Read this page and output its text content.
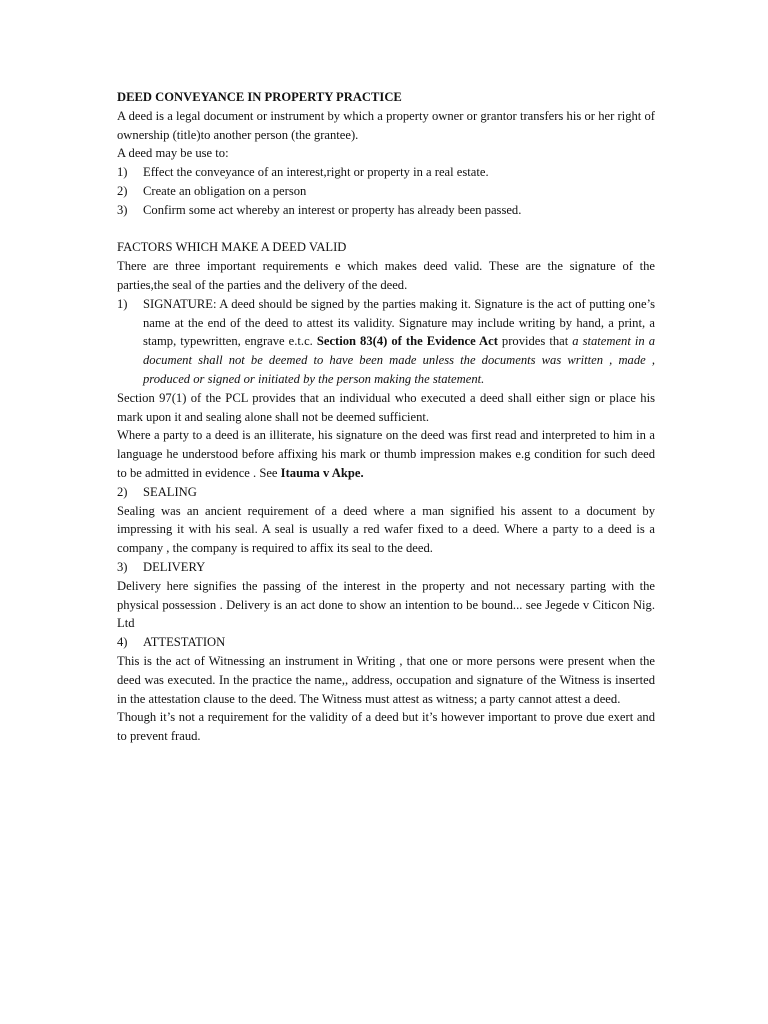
DEED CONVEYANCE IN PROPERTY PRACTICE

A deed is a legal document or instrument by which a property owner or grantor transfers his or her right of ownership (title)to another person (the grantee).

A deed may be use to:

1)	Effect the conveyance of an interest,right or property in a real estate.
2)	Create an obligation on a person
3)	Confirm some act whereby an interest or property has already been passed.

FACTORS WHICH MAKE A DEED VALID

There are three important requirements e which makes deed valid. These are the signature of the parties,the seal of the parties and the delivery of the deed.

1)	SIGNATURE: A deed should be signed by the parties making it. Signature is the act of putting one’s name at the end of the deed to attest its validity. Signature may include writing by hand, a print, a stamp, typewritten, engrave e.t.c. Section 83(4) of the Evidence Act provides that a statement in a document shall not be deemed to have been made unless the documents was written , made , produced or signed or initiated by the person making the statement.

Section 97(1) of the PCL provides that an individual who executed a deed shall either sign or place his mark upon it and sealing alone shall not be deemed sufficient.

Where a party to a deed is an illiterate, his signature on the deed was first read and interpreted to him in a language he understood before affixing his mark or thumb impression makes e.g condition for such deed to be admitted in evidence . See Itauma v Akpe.

2)	SEALING

Sealing was an ancient requirement of a deed where a man signified his assent to a document by impressing it with his seal. A seal is usually a red wafer fixed to a deed. Where a party to a deed is a company , the company is required to affix its seal to the deed.

3)	DELIVERY

Delivery here signifies the passing of the interest in the property and not necessary parting with the physical possession . Delivery is an act done to show an intention to be bound... see Jegede v Citicon Nig. Ltd

4)	ATTESTATION

This is the act of Witnessing an instrument in Writing , that one or more persons were present when the deed was executed. In the practice the name,, address, occupation and signature of the Witness is inserted in the attestation clause to the deed. The Witness must attest as witness; a party cannot attest a deed.

Though it’s not a requirement for the validity of a deed but it’s however important to prove due exert and to prevent fraud.
